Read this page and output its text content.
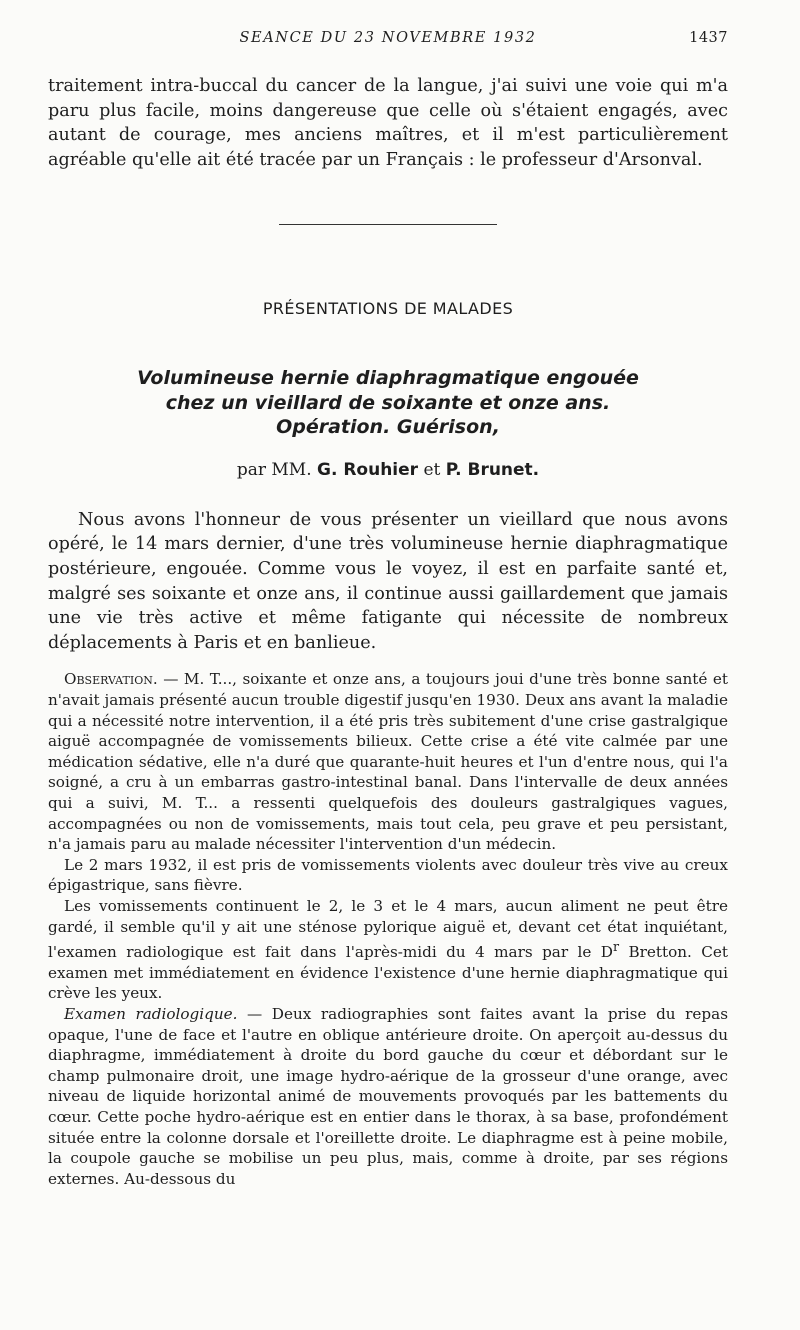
SEANCE DU 23 NOVEMBRE 1932	1437

traitement intra-buccal du cancer de la langue, j'ai suivi une voie qui m'a paru plus facile, moins dangereuse que celle où s'étaient engagés, avec autant de courage, mes anciens maîtres, et il m'est particulièrement agréable qu'elle ait été tracée par un Français : le professeur d'Arsonval.

PRÉSENTATIONS DE MALADES
Volumineuse hernie diaphragmatique engouée
chez un vieillard de soixante et onze ans.
Opération. Guérison,
par MM. G. Rouhier et P. Brunet.

Nous avons l'honneur de vous présenter un vieillard que nous avons opéré, le 14 mars dernier, d'une très volumineuse hernie diaphragmatique postérieure, engouée. Comme vous le voyez, il est en parfaite santé et, malgré ses soixante et onze ans, il continue aussi gaillardement que jamais une vie très active et même fatigante qui nécessite de nombreux déplacements à Paris et en banlieue.

Observation. — M. T..., soixante et onze ans, a toujours joui d'une très bonne santé et n'avait jamais présenté aucun trouble digestif jusqu'en 1930. Deux ans avant la maladie qui a nécessité notre intervention, il a été pris très subitement d'une crise gastralgique aiguë accompagnée de vomissements bilieux. Cette crise a été vite calmée par une médication sédative, elle n'a duré que quarante-huit heures et l'un d'entre nous, qui l'a soigné, a cru à un embarras gastro-intestinal banal. Dans l'intervalle de deux années qui a suivi, M. T... a ressenti quelquefois des douleurs gastralgiques vagues, accompagnées ou non de vomissements, mais tout cela, peu grave et peu persistant, n'a jamais paru au malade nécessiter l'intervention d'un médecin.

Le 2 mars 1932, il est pris de vomissements violents avec douleur très vive au creux épigastrique, sans fièvre.

Les vomissements continuent le 2, le 3 et le 4 mars, aucun aliment ne peut être gardé, il semble qu'il y ait une sténose pylorique aiguë et, devant cet état inquiétant, l'examen radiologique est fait dans l'après-midi du 4 mars par le $D^r$ Bretton. Cet examen met immédiatement en évidence l'existence d'une hernie diaphragmatique qui crève les yeux.

Examen radiologique. — Deux radiographies sont faites avant la prise du repas opaque, l'une de face et l'autre en oblique antérieure droite. On aperçoit au-dessus du diaphragme, immédiatement à droite du bord gauche du cœur et débordant sur le champ pulmonaire droit, une image hydro-aérique de la grosseur d'une orange, avec niveau de liquide horizontal animé de mouvements provoqués par les battements du cœur. Cette poche hydro-aérique est en entier dans le thorax, à sa base, profondément située entre la colonne dorsale et l'oreillette droite. Le diaphragme est à peine mobile, la coupole gauche se mobilise un peu plus, mais, comme à droite, par ses régions externes. Au-dessous du
